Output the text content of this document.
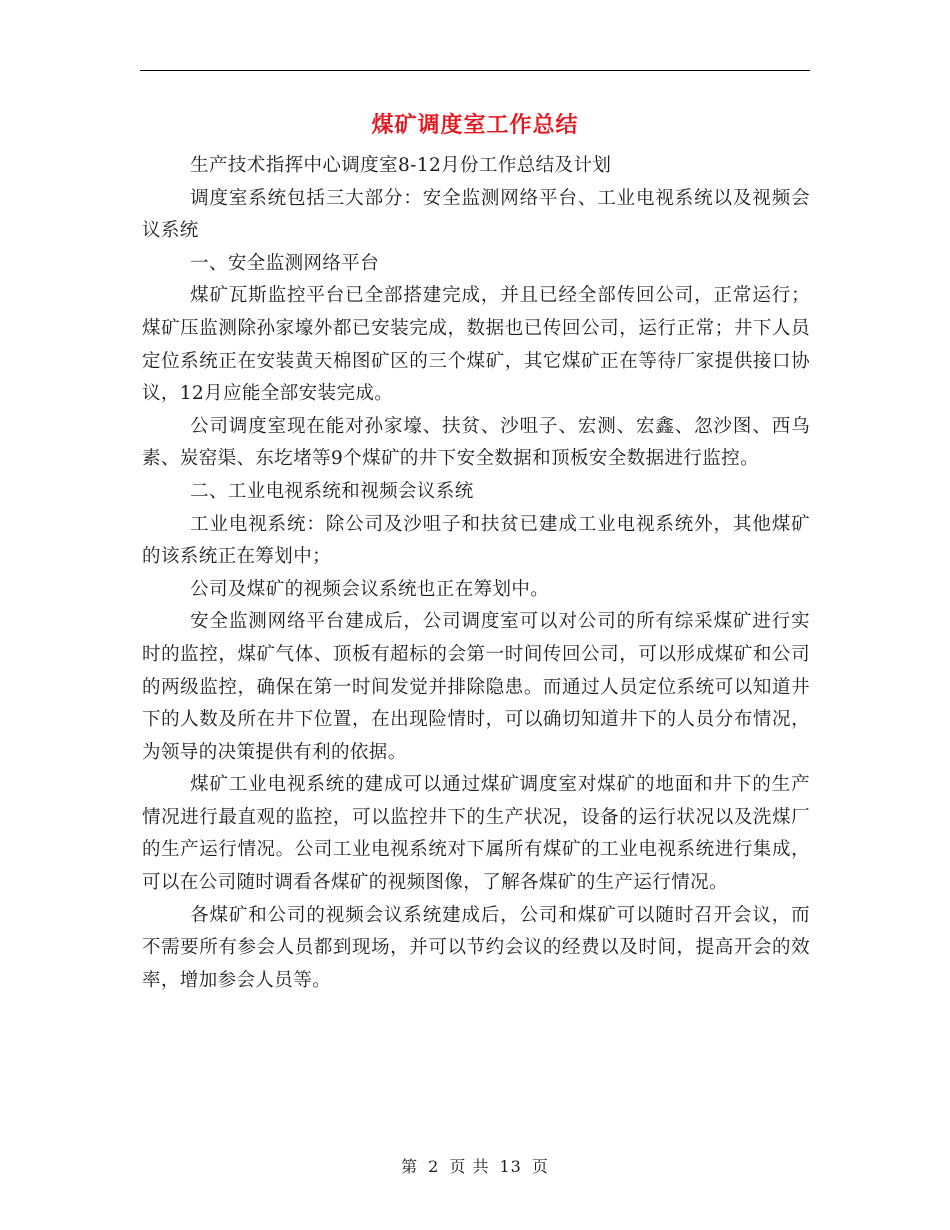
煤矿调度室工作总结

生产技术指挥中心调度室8-12月份工作总结及计划

调度室系统包括三大部分：安全监测网络平台、工业电视系统以及视频会议系统

一、安全监测网络平台

煤矿瓦斯监控平台已全部搭建完成，并且已经全部传回公司，正常运行；煤矿压监测除孙家壕外都已安装完成，数据也已传回公司，运行正常；井下人员定位系统正在安装黄天棉图矿区的三个煤矿，其它煤矿正在等待厂家提供接口协议，12月应能全部安装完成。

公司调度室现在能对孙家壕、扶贫、沙咀子、宏测、宏鑫、忽沙图、西乌素、炭窑渠、东圪堵等9个煤矿的井下安全数据和顶板安全数据进行监控。

二、工业电视系统和视频会议系统

工业电视系统：除公司及沙咀子和扶贫已建成工业电视系统外，其他煤矿的该系统正在筹划中；

公司及煤矿的视频会议系统也正在筹划中。

安全监测网络平台建成后，公司调度室可以对公司的所有综采煤矿进行实时的监控，煤矿气体、顶板有超标的会第一时间传回公司，可以形成煤矿和公司的两级监控，确保在第一时间发觉并排除隐患。而通过人员定位系统可以知道井下的人数及所在井下位置，在出现险情时，可以确切知道井下的人员分布情况，为领导的决策提供有利的依据。

煤矿工业电视系统的建成可以通过煤矿调度室对煤矿的地面和井下的生产情况进行最直观的监控，可以监控井下的生产状况，设备的运行状况以及洗煤厂的生产运行情况。公司工业电视系统对下属所有煤矿的工业电视系统进行集成，可以在公司随时调看各煤矿的视频图像，了解各煤矿的生产运行情况。

各煤矿和公司的视频会议系统建成后，公司和煤矿可以随时召开会议，而不需要所有参会人员都到现场，并可以节约会议的经费以及时间，提高开会的效率，增加参会人员等。

第 2 页 共 13 页
